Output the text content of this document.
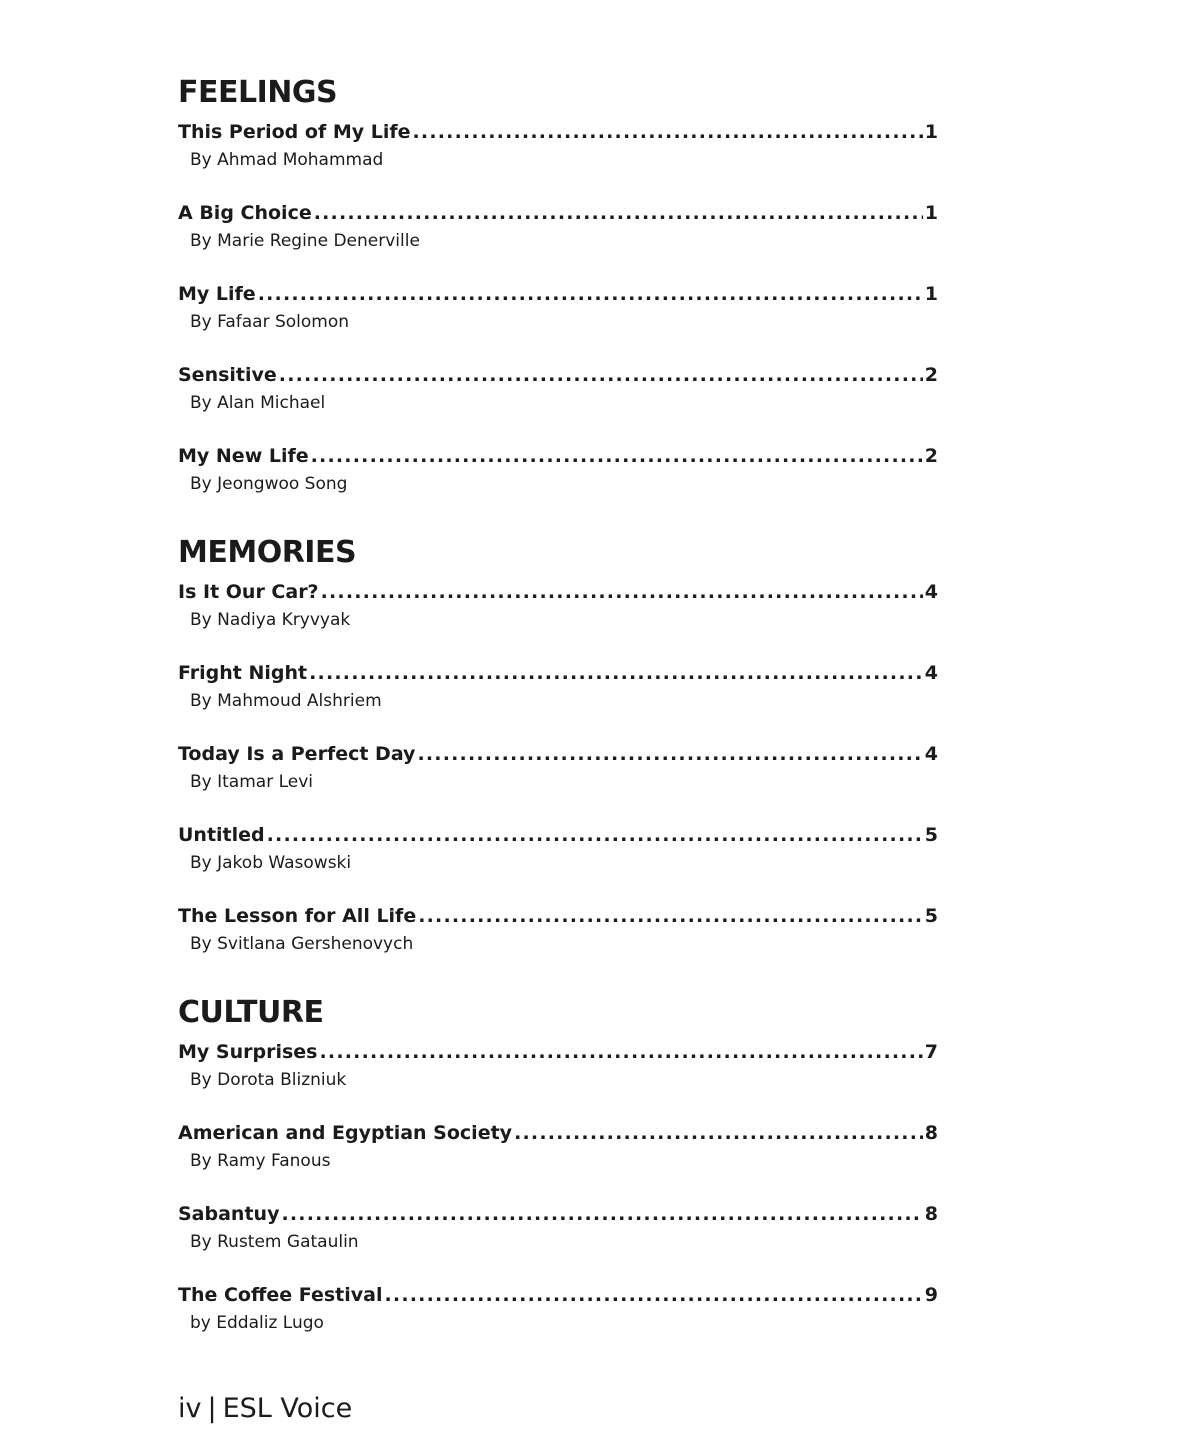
FEELINGS
This Period of My Life .....	1
By Ahmad Mohammad
A Big Choice .....	1
By Marie Regine Denerville
My Life .....	1
By Fafaar Solomon
Sensitive .....	2
By Alan Michael
My New Life .....	2
By Jeongwoo Song
MEMORIES
Is It Our Car? .....	4
By Nadiya Kryvyak
Fright Night .....	4
By Mahmoud Alshriem
Today Is a Perfect Day .....	4
By Itamar Levi
Untitled .....	5
By Jakob Wasowski
The Lesson for All Life .....	5
By Svitlana Gershenovych
CULTURE
My Surprises .....	7
By Dorota Blizniuk
American and Egyptian Society .....	8
By Ramy Fanous
Sabantuy .....	8
By Rustem Gataulin
The Coffee Festival .....	9
by Eddaliz Lugo
iv | ESL Voice
